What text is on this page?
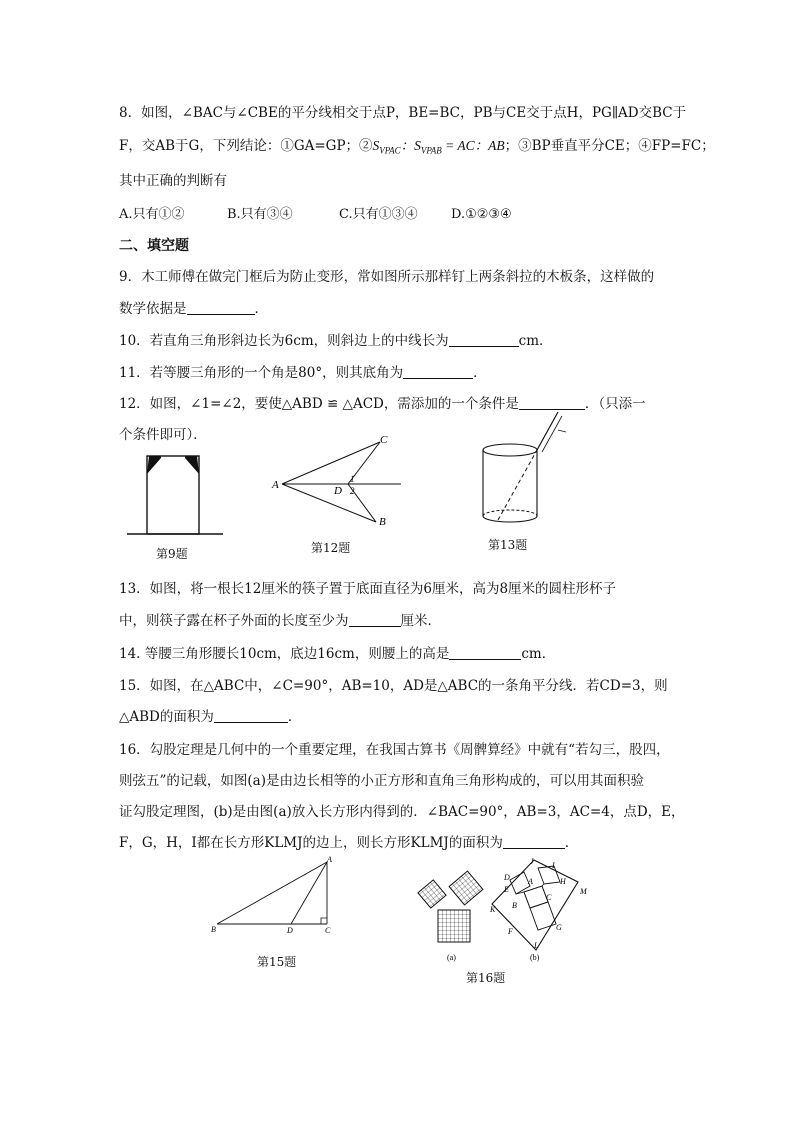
8．如图，∠BAC与∠CBE的平分线相交于点P，BE=BC，PB与CE交于点H，PG∥AD交BC于
F，交AB于G，下列结论：①GA=GP；$②S_{VPAC}$：$S_{VPAB}$ = AC：AB；③BP垂直平分CE；④FP=FC；
其中正确的判断有
A.只有①②	B.只有③④	C.只有①③④	D.①②③④
二、填空题
9．木工师傅在做完门框后为防止变形，常如图所示那样钉上两条斜拉的木板条，这样做的
数学依据是	．
10．若直角三角形斜边长为6cm，则斜边上的中线长为	cm．
11．若等腰三角形的一个角是80°，则其底角为	．
12．如图，∠1=∠2，要使△ABD ≌ △ACD，需添加的一个条件是	．（只添一
个条件即可）．
第9题
A
C
D
1
2
B
第12题	第13题
13．如图，将一根长12厘米的筷子置于底面直径为6厘米，高为8厘米的圆柱形杯子
中，则筷子露在杯子外面的长度至少为	厘米．
14. 等腰三角形腰长10cm，底边16cm，则腰上的高是	cm．
15．如图，在△ABC中，∠C=90°，AB=10，AD是△ABC的一条角平分线．若CD=3，则
△ABD的面积为	．
16．勾股定理是几何中的一个重要定理，在我国古算书《周髀算经》中就有“若勾三，股四，
则弦五”的记载，如图(a)是由边长相等的小正方形和直角三角形构成的，可以用其面积验
证勾股定理图，(b)是由图(a)放入长方形内得到的．∠BAC=90°，AB=3，AC=4，点D，E，
F，G，H，I都在长方形KLMJ的边上，则长方形KLMJ的面积为	．
A
B	D	C
第15题	(a)
J I
D A	H
E	M
K B
C
F	G
L
(b)
第16题
